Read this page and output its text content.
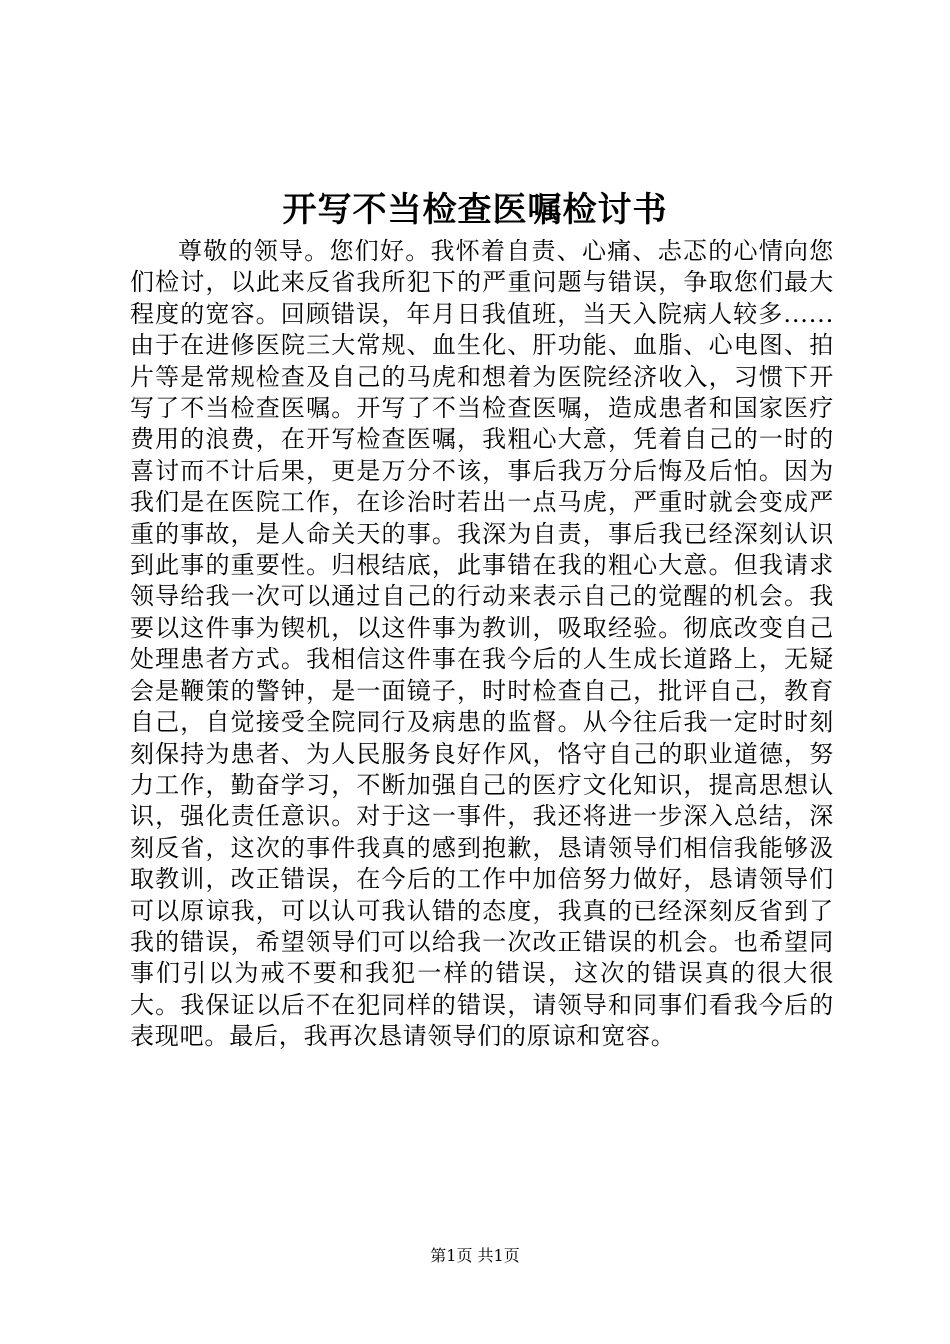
开写不当检查医嘱检讨书

尊敬的领导。您们好。我怀着自责、心痛、忐忑的心情向您们检讨，以此来反省我所犯下的严重问题与错误，争取您们最大程度的宽容。回顾错误，年月日我值班，当天入院病人较多......由于在进修医院三大常规、血生化、肝功能、血脂、心电图、拍片等是常规检查及自己的马虎和想着为医院经济收入，习惯下开写了不当检查医嘱。开写了不当检查医嘱，造成患者和国家医疗费用的浪费，在开写检查医嘱，我粗心大意，凭着自己的一时的喜讨而不计后果，更是万分不该，事后我万分后悔及后怕。因为我们是在医院工作，在诊治时若出一点马虎，严重时就会变成严重的事故，是人命关天的事。我深为自责，事后我已经深刻认识到此事的重要性。归根结底，此事错在我的粗心大意。但我请求领导给我一次可以通过自己的行动来表示自己的觉醒的机会。我要以这件事为锲机，以这件事为教训，吸取经验。彻底改变自己处理患者方式。我相信这件事在我今后的人生成长道路上，无疑会是鞭策的警钟，是一面镜子，时时检查自己，批评自己，教育自己，自觉接受全院同行及病患的监督。从今往后我一定时时刻刻保持为患者、为人民服务良好作风，恪守自己的职业道德，努力工作，勤奋学习，不断加强自己的医疗文化知识，提高思想认识，强化责任意识。对于这一事件，我还将进一步深入总结，深刻反省，这次的事件我真的感到抱歉，恳请领导们相信我能够汲取教训，改正错误，在今后的工作中加倍努力做好，恳请领导们可以原谅我，可以认可我认错的态度，我真的已经深刻反省到了我的错误，希望领导们可以给我一次改正错误的机会。也希望同事们引以为戒不要和我犯一样的错误，这次的错误真的很大很大。我保证以后不在犯同样的错误，请领导和同事们看我今后的表现吧。最后，我再次恳请领导们的原谅和宽容。

第1页 共1页
